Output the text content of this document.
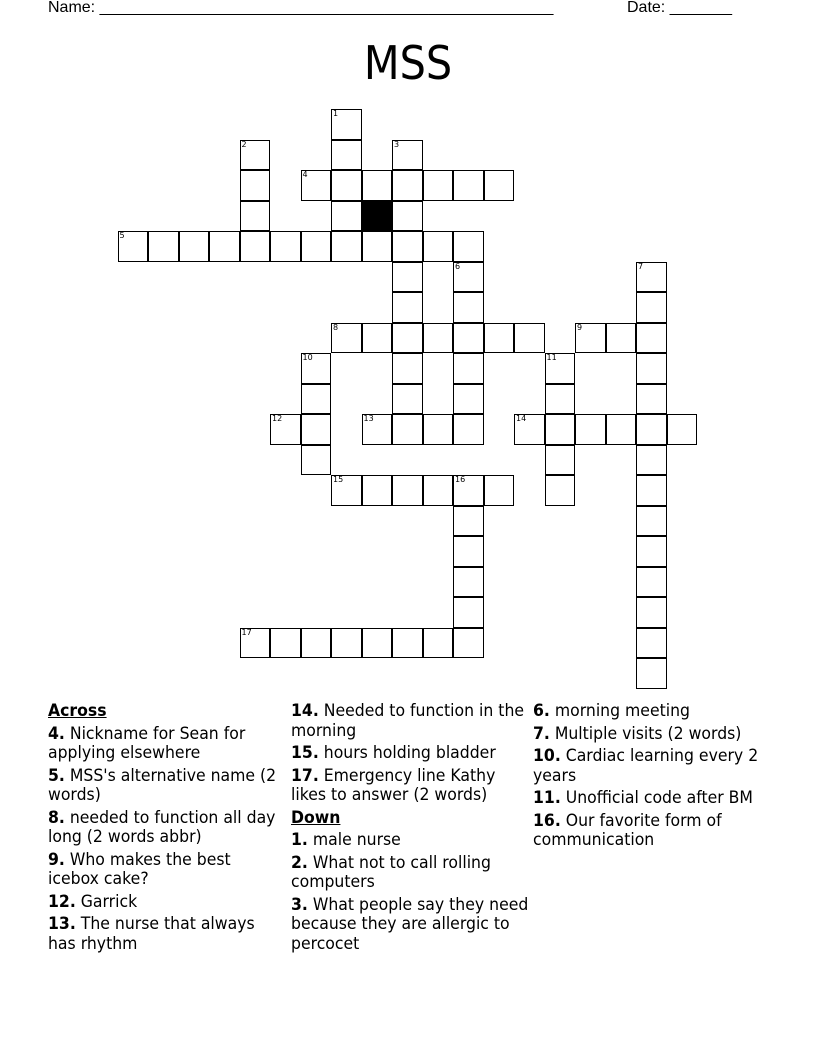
Name: ___________________________________________________	Date: _______
MSS
1
2	3
4
5
6	7
8	9
10	11
12	13	14
15	16
17
Across
4. Nickname for Sean for applying elsewhere
5. MSS's alternative name (2 words)
8. needed to function all day long (2 words abbr)
9. Who makes the best icebox cake?
12. Garrick
13. The nurse that always has rhythm
14. Needed to function in the morning
15. hours holding bladder
17. Emergency line Kathy likes to answer (2 words)
Down
1. male nurse
2. What not to call rolling computers
3. What people say they need because they are allergic to percocet
6. morning meeting
7. Multiple visits (2 words)
10. Cardiac learning every 2 years
11. Unofficial code after BM
16. Our favorite form of communication
